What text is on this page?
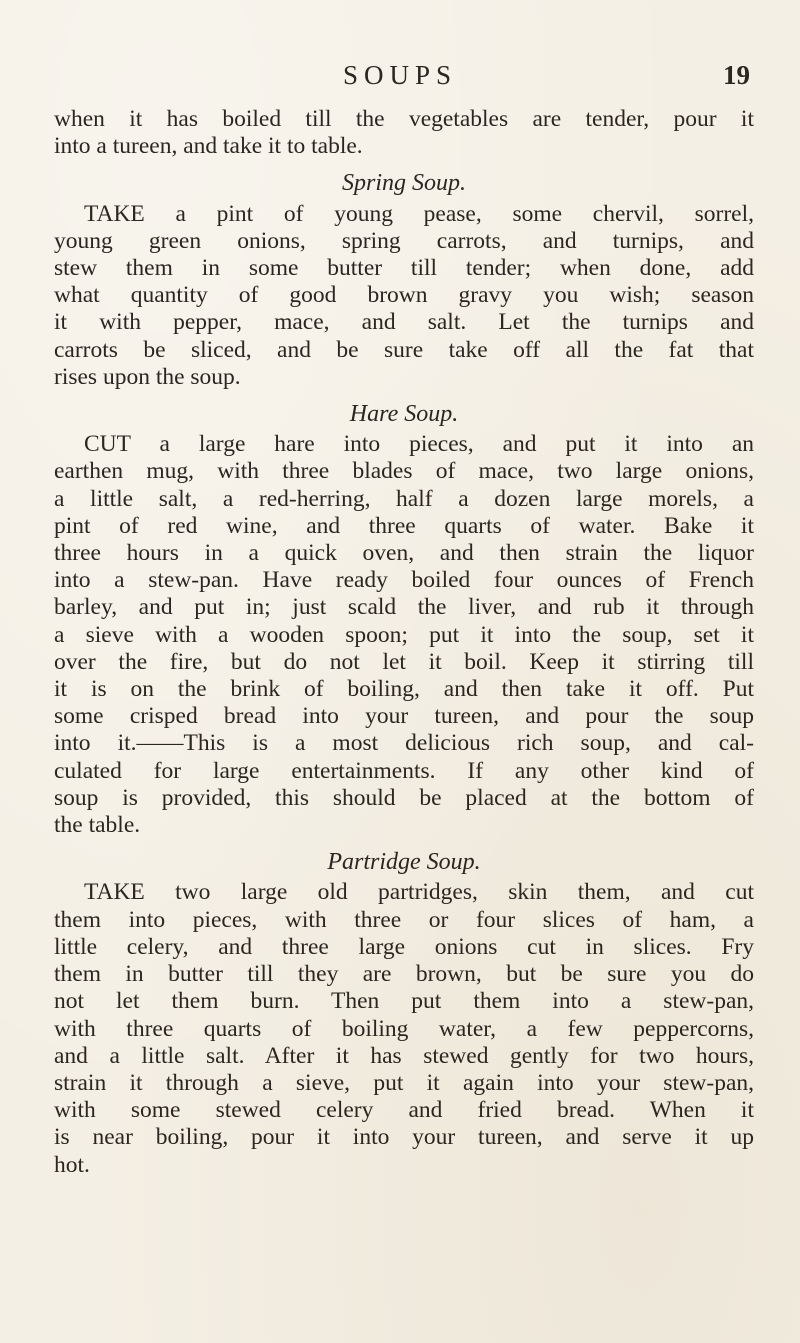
SOUPS	19
when it has boiled till the vegetables are tender, pour it
into a tureen, and take it to table.
Spring Soup.
TAKE a pint of young pease, some chervil, sorrel,
young green onions, spring carrots, and turnips, and
stew them in some butter till tender; when done, add
what quantity of good brown gravy you wish; season
it with pepper, mace, and salt. Let the turnips and
carrots be sliced, and be sure take off all the fat that
rises upon the soup.
Hare Soup.
CUT a large hare into pieces, and put it into an
earthen mug, with three blades of mace, two large onions,
a little salt, a red-herring, half a dozen large morels, a
pint of red wine, and three quarts of water. Bake it
three hours in a quick oven, and then strain the liquor
into a stew-pan. Have ready boiled four ounces of French
barley, and put in; just scald the liver, and rub it through
a sieve with a wooden spoon; put it into the soup, set it
over the fire, but do not let it boil. Keep it stirring till
it is on the brink of boiling, and then take it off. Put
some crisped bread into your tureen, and pour the soup
into it.——This is a most delicious rich soup, and cal-
culated for large entertainments. If any other kind of
soup is provided, this should be placed at the bottom of
the table.
Partridge Soup.
TAKE two large old partridges, skin them, and cut
them into pieces, with three or four slices of ham, a
little celery, and three large onions cut in slices. Fry
them in butter till they are brown, but be sure you do
not let them burn. Then put them into a stew-pan,
with three quarts of boiling water, a few peppercorns,
and a little salt. After it has stewed gently for two hours,
strain it through a sieve, put it again into your stew-pan,
with some stewed celery and fried bread. When it
is near boiling, pour it into your tureen, and serve it up
hot.
